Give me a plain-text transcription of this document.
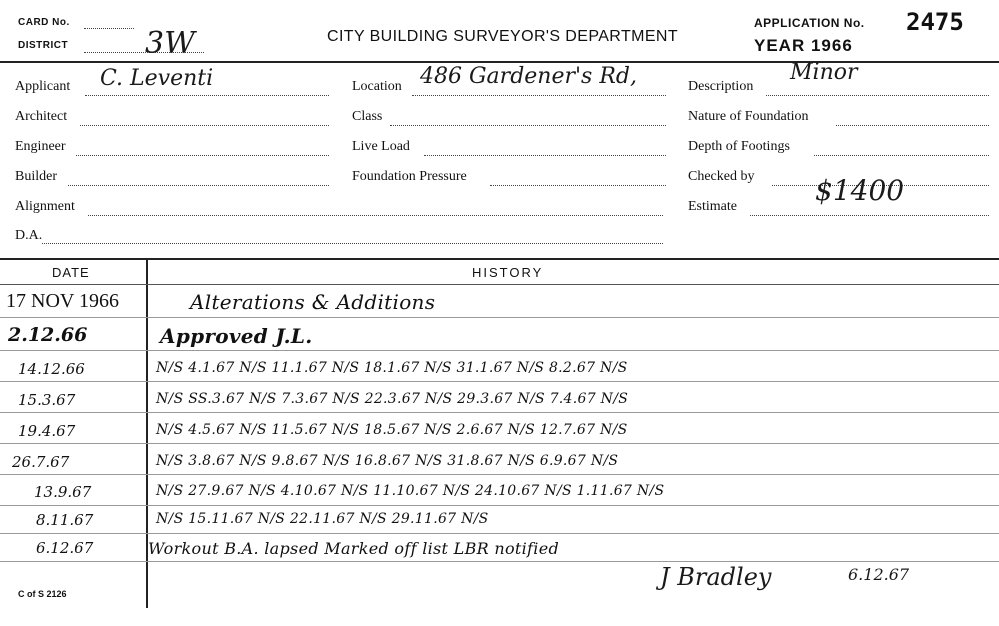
CARD No.
DISTRICT	3W	CITY BUILDING SURVEYOR'S DEPARTMENT
APPLICATION No. 2475
YEAR 1966
Applicant C. Leventi
Architect
Engineer
Builder
Alignment
D.A.
Location 486 Gardener's Rd,
Class
Live Load
Foundation Pressure
Description
Minor
Nature of Foundation
Depth of Footings
Checked by
Estimate	$1400
DATE	HISTORY
17 NOV 1966	Alterations & Additions
2.12.66	Approved J.L.
14.12.66	N/S 4.1.67 N/S 11.1.67 N/S 18.1.67 N/S 31.1.67 N/S 8.2.67 N/S
15.3.67	N/S SS.3.67 N/S 7.3.67 N/S 22.3.67 N/S 29.3.67 N/S 7.4.67 N/S
19.4.67	N/S 4.5.67 N/S 11.5.67 N/S 18.5.67 N/S 2.6.67 N/S 12.7.67 N/S
26.7.67	N/S 3.8.67 N/S 9.8.67 N/S 16.8.67 N/S 31.8.67 N/S 6.9.67 N/S
13.9.67	N/S 27.9.67 N/S 4.10.67 N/S 11.10.67 N/S 24.10.67 N/S 1.11.67 N/S
8.11.67	N/S 15.11.67 N/S 22.11.67 N/S 29.11.67 N/S
6.12.67	Workout B.A. lapsed Marked off list LBR notified
J Bradley	6.12.67
C of S 2126
